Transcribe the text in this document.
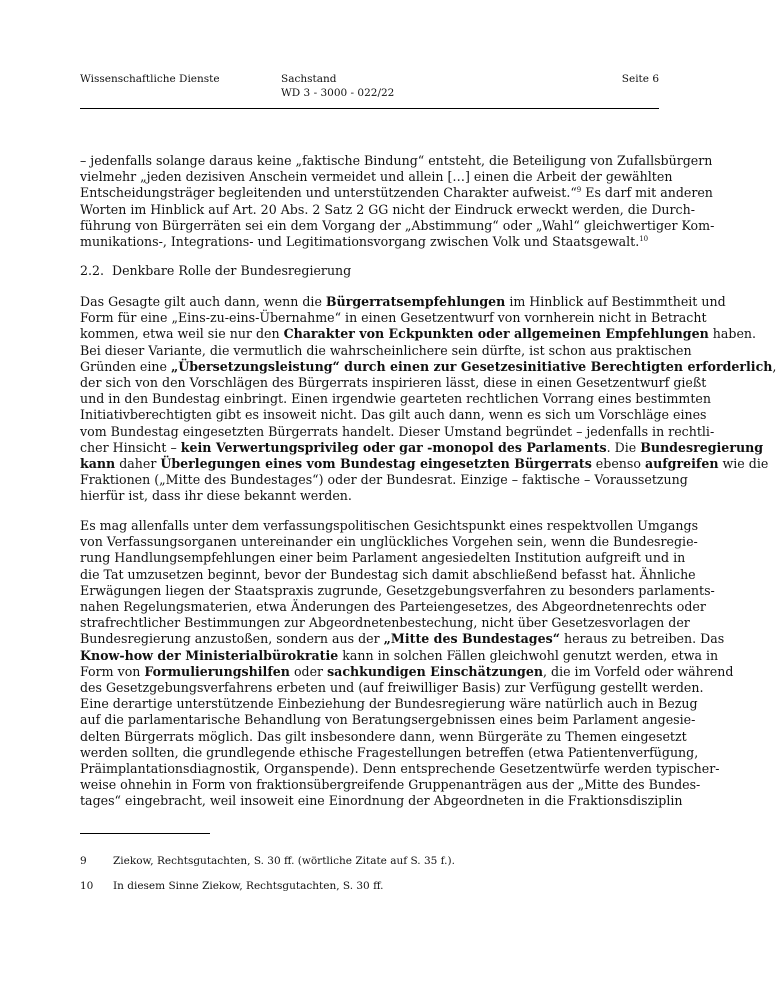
Wissenschaftliche Dienste	Sachstand
WD 3 - 3000 - 022/22
Seite 6
– jedenfalls solange daraus keine „faktische Bindung“ entsteht, die Beteiligung von Zufallsbürgern
vielmehr „jeden dezisiven Anschein vermeidet und allein […] einen die Arbeit der gewählten
Entscheidungsträger begleitenden und unterstützenden Charakter aufweist.“$^9$ Es darf mit anderen
Worten im Hinblick auf Art. 20 Abs. 2 Satz 2 GG nicht der Eindruck erweckt werden, die Durch-
führung von Bürgerräten sei ein dem Vorgang der „Abstimmung“ oder „Wahl“ gleichwertiger Kom-
munikations-, Integrations- und Legitimationsvorgang zwischen Volk und Staatsgewalt.$^{10}$
2.2. Denkbare Rolle der Bundesregierung
Das Gesagte gilt auch dann, wenn die Bürgerratsempfehlungen im Hinblick auf Bestimmtheit und
Form für eine „Eins-zu-eins-Übernahme“ in einen Gesetzentwurf von vornherein nicht in Betracht
kommen, etwa weil sie nur den Charakter von Eckpunkten oder allgemeinen Empfehlungen haben.
Bei dieser Variante, die vermutlich die wahrscheinlichere sein dürfte, ist schon aus praktischen
Gründen eine „Übersetzungsleistung“ durch einen zur Gesetzesinitiative Berechtigten erforderlich
der sich von den Vorschlägen des Bürgerrats inspirieren lässt, diese in einen Gesetzentwurf gießt
und in den Bundestag einbringt. Einen irgendwie gearteten rechtlichen Vorrang eines bestimmten
Initiativberechtigten gibt es insoweit nicht. Das gilt auch dann, wenn es sich um Vorschläge eines
vom Bundestag eingesetzten Bürgerrats handelt. Dieser Umstand begründet – jedenfalls in rechtli-
cher Hinsicht – kein Verwertungsprivileg oder gar -monopol des Parlaments. Die Bundesregierung
kann daher Überlegungen eines vom Bundestag eingesetzten Bürgerrats ebenso aufgreifen wie die
Fraktionen („Mitte des Bundestages“) oder der Bundesrat. Einzige – faktische – Voraussetzung
hierfür ist, dass ihr diese bekannt werden.
Es mag allenfalls unter dem verfassungspolitischen Gesichtspunkt eines respektvollen Umgangs
von Verfassungsorganen untereinander ein unglückliches Vorgehen sein, wenn die Bundesregie-
rung Handlungsempfehlungen einer beim Parlament angesiedelten Institution aufgreift und in
die Tat umzusetzen beginnt, bevor der Bundestag sich damit abschließend befasst hat. Ähnliche
Erwägungen liegen der Staatspraxis zugrunde, Gesetzgebungsverfahren zu besonders parlaments-
nahen Regelungsmaterien, etwa Änderungen des Parteiengesetzes, des Abgeordnetenrechts oder
strafrechtlicher Bestimmungen zur Abgeordnetenbestechung, nicht über Gesetzesvorlagen der
Bundesregierung anzustoßen, sondern aus der „Mitte des Bundestages“ heraus zu betreiben. Das
Know-how der Ministerialbürokratie kann in solchen Fällen gleichwohl genutzt werden, etwa in
Form von Formulierungshilfen oder sachkundigen Einschätzungen, die im Vorfeld oder während
des Gesetzgebungsverfahrens erbeten und (auf freiwilliger Basis) zur Verfügung gestellt werden.
Eine derartige unterstützende Einbeziehung der Bundesregierung wäre natürlich auch in Bezug
auf die parlamentarische Behandlung von Beratungsergebnissen eines beim Parlament angesie-
delten Bürgerrats möglich. Das gilt insbesondere dann, wenn Bürgeräte zu Themen eingesetzt
werden sollten, die grundlegende ethische Fragestellungen betreffen (etwa Patientenverfügung,
Präimplantationsdiagnostik, Organspende). Denn entsprechende Gesetzentwürfe werden typischer-
weise ohnehin in Form von fraktionsübergreifende Gruppenanträgen aus der „Mitte des Bundes-
tages“ eingebracht, weil insoweit eine Einordnung der Abgeordneten in die Fraktionsdisziplin
9	Ziekow, Rechtsgutachten, S. 30 ff. (wörtliche Zitate auf S. 35 f.).
10 In diesem Sinne Ziekow, Rechtsgutachten, S. 30 ff.
